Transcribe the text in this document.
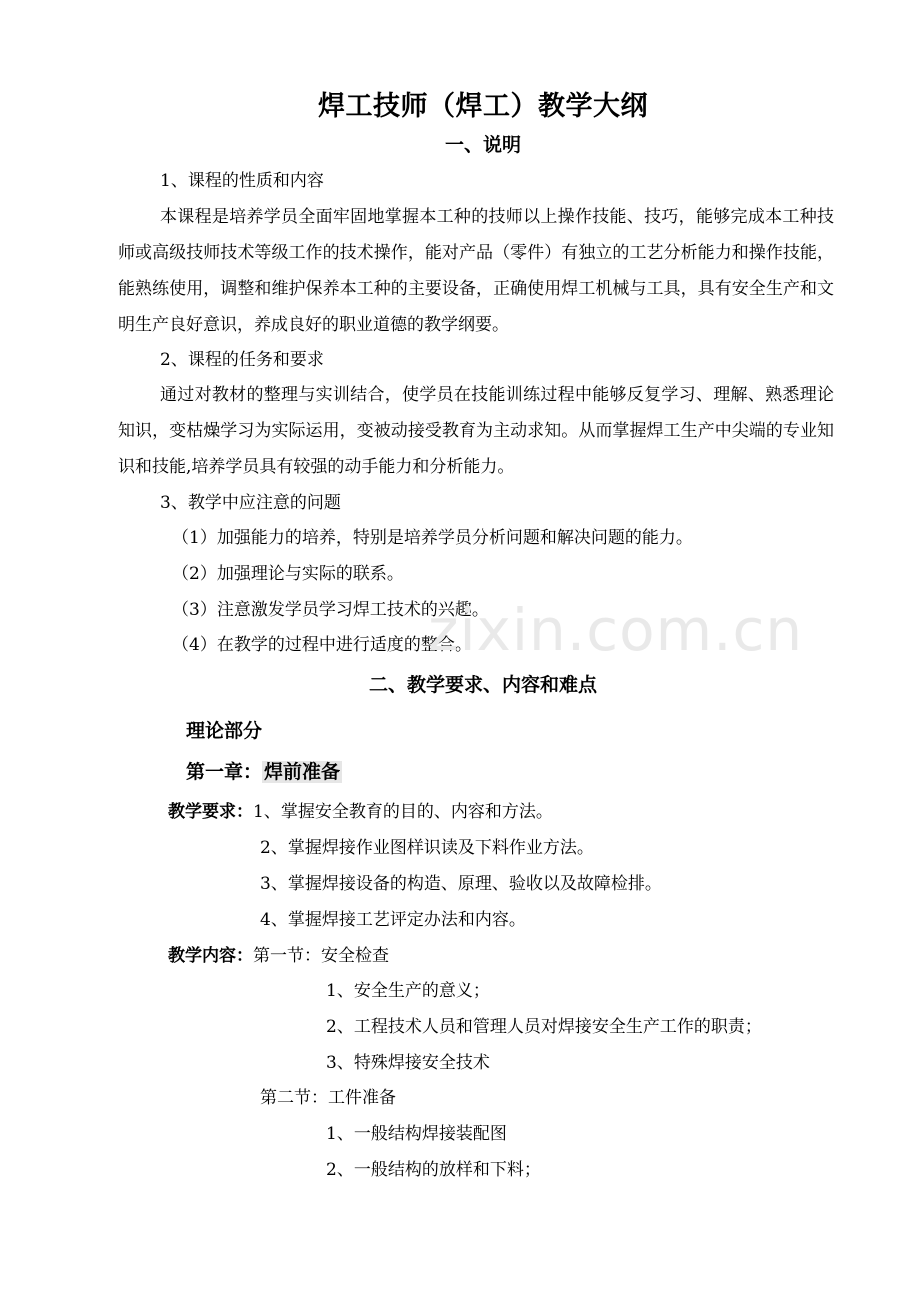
焊工技师（焊工）教学大纲
一、说明
1、课程的性质和内容
本课程是培养学员全面牢固地掌握本工种的技师以上操作技能、技巧，能够完成本工种技师或高级技师技术等级工作的技术操作，能对产品（零件）有独立的工艺分析能力和操作技能，能熟练使用，调整和维护保养本工种的主要设备，正确使用焊工机械与工具，具有安全生产和文明生产良好意识，养成良好的职业道德的教学纲要。
2、课程的任务和要求
通过对教材的整理与实训结合，使学员在技能训练过程中能够反复学习、理解、熟悉理论知识，变枯燥学习为实际运用，变被动接受教育为主动求知。从而掌握焊工生产中尖端的专业知识和技能,培养学员具有较强的动手能力和分析能力。
3、教学中应注意的问题
（1）加强能力的培养，特别是培养学员分析问题和解决问题的能力。
（2）加强理论与实际的联系。
（3）注意激发学员学习焊工技术的兴趣。
（4）在教学的过程中进行适度的整合。
二、教学要求、内容和难点
理论部分
第一章： 焊前准备
教学要求：1、掌握安全教育的目的、内容和方法。
2、掌握焊接作业图样识读及下料作业方法。
3、掌握焊接设备的构造、原理、验收以及故障检排。
4、掌握焊接工艺评定办法和内容。
教学内容：第一节：安全检查
1、安全生产的意义；
2、工程技术人员和管理人员对焊接安全生产工作的职责；
3、特殊焊接安全技术
第二节：工件准备
1、一般结构焊接装配图
2、一般结构的放样和下料；
zixin.com.cn
